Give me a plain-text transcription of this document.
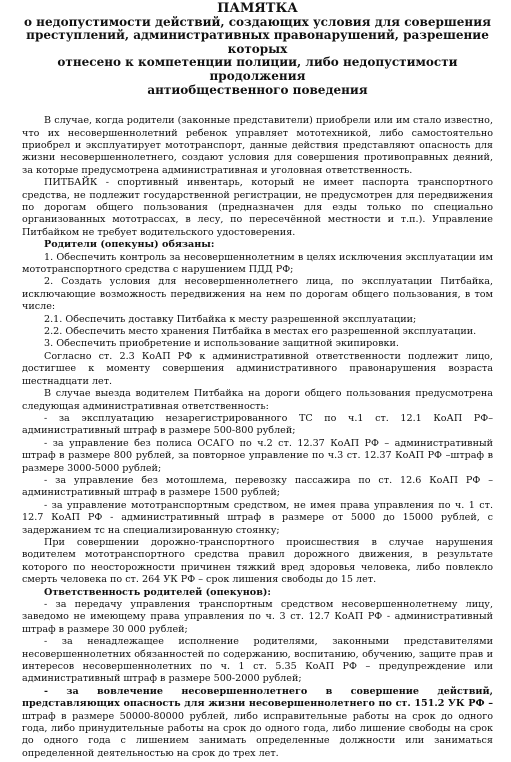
ПАМЯТКА
о недопустимости действий, создающих условия для совершения
преступлений, административных правонарушений, разрешение которых
отнесено к компетенции полиции, либо недопустимости продолжения
антиобщественного поведения

В случае, когда родители (законные представители) приобрели или им стало известно, что их несовершеннолетний ребенок управляет мототехникой, либо самостоятельно приобрел и эксплуатирует мототранспорт, данные действия представляют опасность для жизни несовершеннолетнего, создают условия для совершения противоправных деяний, за которые предусмотрена административная и уголовная ответственность.

ПИТБАЙК - спортивный инвентарь, который не имеет паспорта транспортного средства, не подлежит государственной регистрации, не предусмотрен для передвижения по дорогам общего пользования (предназначен для езды только по специально организованных мототрассах, в лесу, по пересечённой местности и т.п.). Управление Питбайком не требует водительского удостоверения.

Родители (опекуны) обязаны:

1. Обеспечить контроль за несовершеннолетним в целях исключения эксплуатации им мототранспортного средства с нарушением ПДД РФ;

2. Создать условия для несовершеннолетнего лица, по эксплуатации Питбайка, исключающие возможность передвижения на нем по дорогам общего пользования, в том числе:

2.1. Обеспечить доставку Питбайка к месту разрешенной эксплуатации;

2.2. Обеспечить место хранения Питбайка в местах его разрешенной эксплуатации.

3. Обеспечить приобретение и использование защитной экипировки.

Согласно ст. 2.3 КоАП РФ к административной ответственности подлежит лицо, достигшее к моменту совершения административного правонарушения возраста шестнадцати лет.

В случае выезда водителем Питбайка на дороги общего пользования предусмотрена следующая административная ответственность:

- за эксплуатацию незарегистрированного ТС по ч.1 ст. 12.1 КоАП РФ– административный штраф в размере 500-800 рублей;

- за управление без полиса ОСАГО по ч.2 ст. 12.37 КоАП РФ – административный штраф в размере 800 рублей, за повторное управление по ч.3 ст. 12.37 КоАП РФ –штраф в размере 3000-5000 рублей;

- за управление без мотошлема, перевозку пассажира по ст. 12.6 КоАП РФ – административный штраф в размере 1500 рублей;

- за управление мототранспортным средством, не имея права управления по ч. 1 ст. 12.7 КоАП РФ - административный штраф в размере от 5000 до 15000 рублей, с задержанием тс на специализированную стоянку;

При совершении дорожно-транспортного происшествия в случае нарушения водителем мототранспортного средства правил дорожного движения, в результате которого по неосторожности причинен тяжкий вред здоровья человека, либо повлекло смерть человека по ст. 264 УК РФ – срок лишения свободы до 15 лет.

Ответственность родителей (опекунов):

- за передачу управления транспортным средством несовершеннолетнему лицу, заведомо не имеющему права управления по ч. 3 ст. 12.7 КоАП РФ - административный штраф в размере 30 000 рублей;

- за ненадлежащее исполнение родителями, законными представителями несовершеннолетних обязанностей по содержанию, воспитанию, обучению, защите прав и интересов несовершеннолетних по ч. 1 ст. 5.35 КоАП РФ – предупреждение или административный штраф в размере 500-2000 рублей;

- за вовлечение несовершеннолетнего в совершение действий, представляющих опасность для жизни несовершеннолетнего по ст. 151.2 УК РФ – штраф в размере 50000-80000 рублей, либо исправительные работы на срок до одного года, либо принудительные работы на срок до одного года, либо лишение свободы на срок до одного года с лишением занимать определенные должности или заниматься определенной деятельностью на срок до трех лет.
